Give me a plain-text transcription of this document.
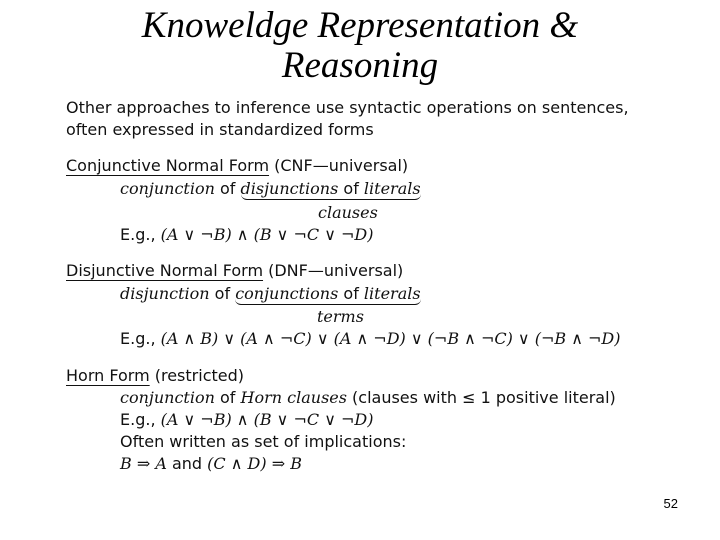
Knoweldge Representation &

Reasoning
Other approaches to inference use syntactic operations on sentences,
often expressed in standardized forms
Conjunctive Normal Form (CNF—universal)
conjunction of disjunctions of literals
clauses
E.g., (A ∨ ¬B) ∧ (B ∨ ¬C ∨ ¬D)
Disjunctive Normal Form (DNF—universal)
disjunction of conjunctions of literals
terms
E.g., (A ∧ B) ∨ (A ∧ ¬C) ∨ (A ∧ ¬D) ∨ (¬B ∧ ¬C) ∨ (¬B ∧ ¬D)
Horn Form (restricted)
conjunction of Horn clauses (clauses with ≤ 1 positive literal)
E.g., (A ∨ ¬B) ∧ (B ∨ ¬C ∨ ¬D)
Often written as set of implications:
B ⇒ A and (C ∧ D) ⇒ B
52
